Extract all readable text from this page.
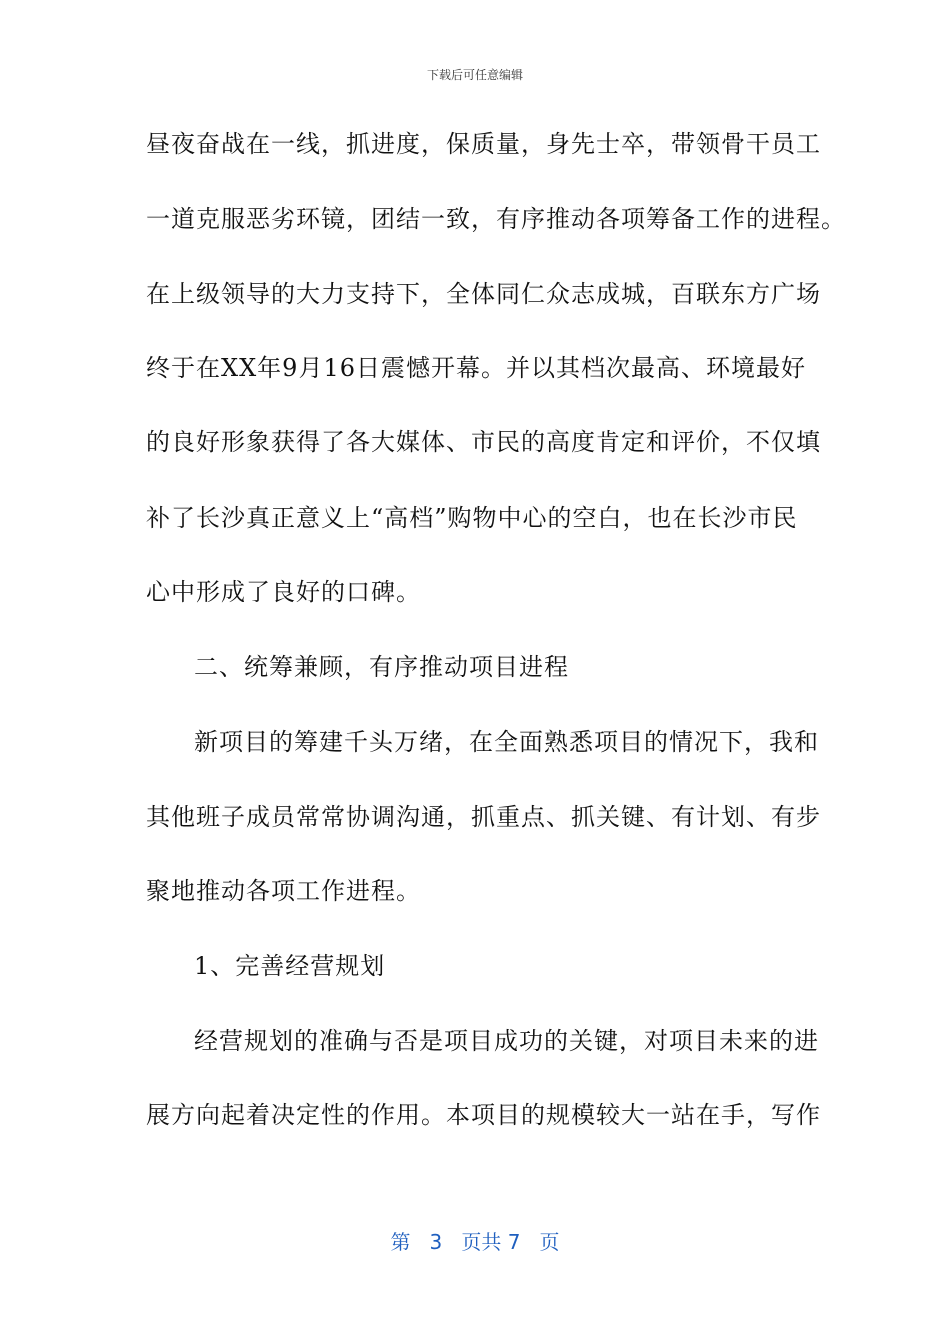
下载后可任意编辑
昼夜奋战在一线，抓进度，保质量，身先士卒，带领骨干员工
一道克服恶劣环镜，团结一致，有序推动各项筹备工作的进程。
在上级领导的大力支持下，全体同仁众志成城，百联东方广场
终于在XX年9月16日震憾开幕。并以其档次最高、环境最好
的良好形象获得了各大媒体、市民的高度肯定和评价，不仅填
补了长沙真正意义上“高档”购物中心的空白，也在长沙市民
心中形成了良好的口碑。
二、统筹兼顾，有序推动项目进程
新项目的筹建千头万绪，在全面熟悉项目的情况下，我和
其他班子成员常常协调沟通，抓重点、抓关键、有计划、有步
聚地推动各项工作进程。
1、完善经营规划
经营规划的准确与否是项目成功的关键，对项目未来的进
展方向起着决定性的作用。本项目的规模较大一站在手，写作
第 3 页共 7 页
